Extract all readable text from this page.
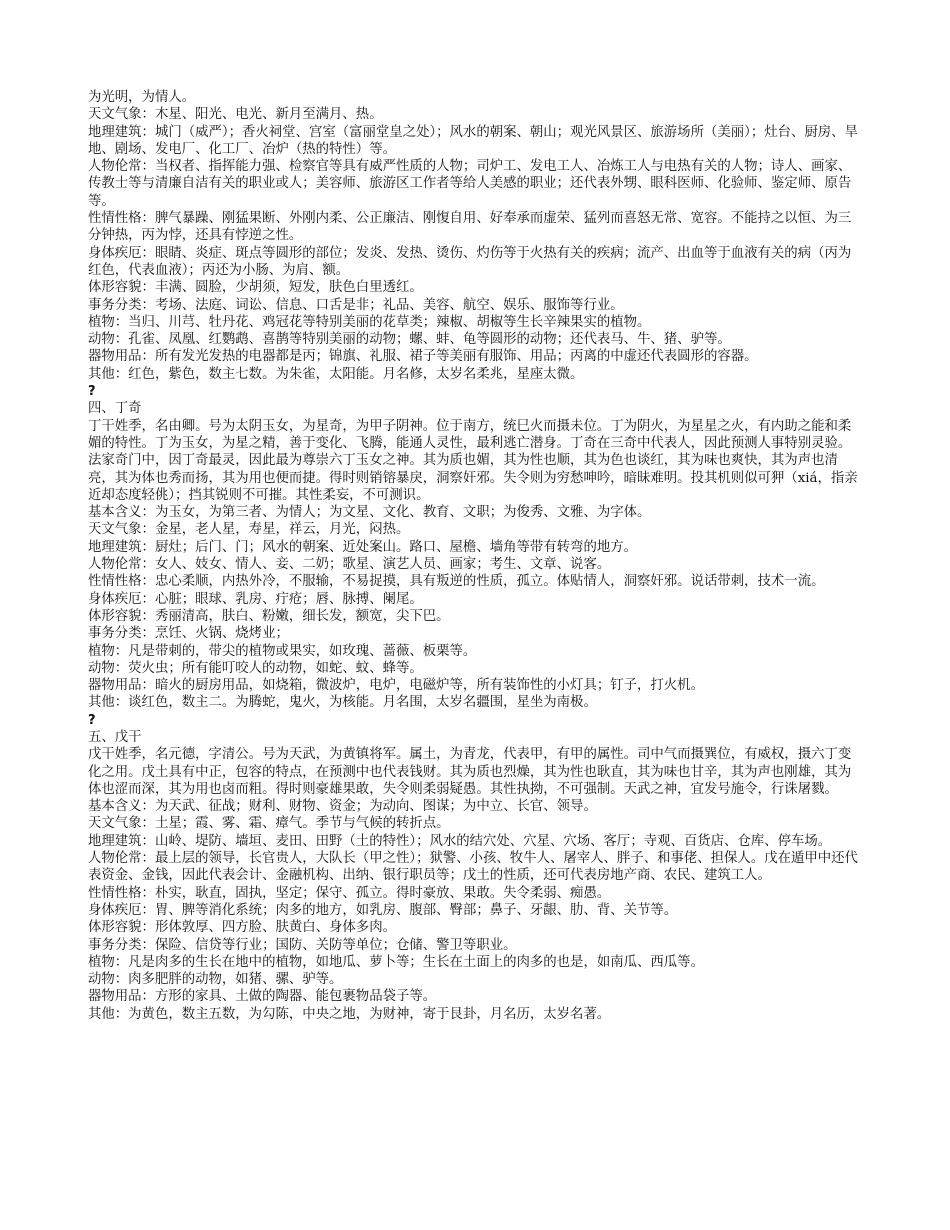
为光明，为情人。

天文气象：木星、阳光、电光、新月至满月、热。

地理建筑：城门（威严）；香火祠堂、宫室（富丽堂皇之处）；风水的朝案、朝山；观光风景区、旅游场所（美丽）；灶台、厨房、旱地、剧场、发电厂、化工厂、冶炉（热的特性）等。

人物伦常：当权者、指挥能力强、检察官等具有威严性质的人物；司炉工、发电工人、冶炼工人与电热有关的人物；诗人、画家、传教士等与清廉自洁有关的职业或人；美容师、旅游区工作者等给人美感的职业；还代表外甥、眼科医师、化验师、鉴定师、原告等。

性情性格：脾气暴躁、刚猛果断、外刚内柔、公正廉洁、刚愎自用、好奉承而虚荣、猛列而喜怒无常、宽容。不能持之以恒、为三分钟热，丙为悖，还具有悖逆之性。

身体疾厄：眼睛、炎症、斑点等圆形的部位；发炎、发热、烫伤、灼伤等于火热有关的疾病；流产、出血等于血液有关的病（丙为红色，代表血液）；丙还为小肠、为肩、额。

体形容貌：丰满、圆脸，少胡须，短发，肤色白里透红。

事务分类：考场、法庭、词讼、信息、口舌是非；礼品、美容、航空、娱乐、服饰等行业。

植物：当归、川芎、牡丹花、鸡冠花等特别美丽的花草类；辣椒、胡椒等生长辛辣果实的植物。

动物：孔雀、凤凰、红鹦鹉、喜鹊等特别美丽的动物；螺、蚌、龟等圆形的动物；还代表马、牛、猪、驴等。

器物用品：所有发光发热的电器都是丙；锦旗、礼服、裙子等美丽有服饰、用品；丙离的中虚还代表圆形的容器。

其他：红色，紫色，数主七数。为朱雀，太阳能。月名修，太岁名柔兆，星座太微。

?

四、丁奇

丁干姓季，名由卿。号为太阴玉女，为星奇，为甲子阴神。位于南方，统巳火而摄未位。丁为阴火，为星星之火，有内助之能和柔媚的特性。丁为玉女，为星之精，善于变化、飞腾，能通人灵性，最利逃亡潜身。丁奇在三奇中代表人，因此预测人事特别灵验。法家奇门中，因丁奇最灵，因此最为尊崇六丁玉女之神。其为质也媚，其为性也顺，其为色也谈红，其为味也爽快，其为声也清亮，其为体也秀而扬，其为用也便而捷。得时则销镕暴戾，洞察奸邪。失令则为穷愁呻吟，暗昧难明。投其机则似可狎（xiá，指亲近却态度轻佻）；挡其锐则不可摧。其性柔妄，不可测识。

基本含义：为玉女，为第三者、为情人；为文星、文化、教育、文职；为俊秀、文雅、为字体。

天文气象：金星，老人星，寿星，祥云，月光，闷热。

地理建筑：厨灶；后门、门；风水的朝案、近处案山。路口、屋檐、墙角等带有转弯的地方。

人物伦常：女人、妓女、情人、妾、二奶；歌星、演艺人员、画家；考生、文章、说客。

性情性格：忠心柔顺，内热外冷，不服输，不易捉摸，具有叛逆的性质，孤立。体贴情人，洞察奸邪。说话带刺，技术一流。

身体疾厄：心脏；眼球、乳房、疔疮；唇、脉搏、阑尾。

体形容貌：秀丽清高，肤白、粉嫩，细长发，额宽，尖下巴。

事务分类：烹饪、火锅、烧烤业；

植物：凡是带刺的，带尖的植物或果实，如玫瑰、蔷薇、板栗等。

动物：荧火虫；所有能叮咬人的动物，如蛇、蚊、蜂等。

器物用品：暗火的厨房用品，如烧箱，微波炉，电炉，电磁炉等，所有装饰性的小灯具；钉子，打火机。

其他：谈红色，数主二。为腾蛇，鬼火，为核能。月名围，太岁名疆围，星坐为南极。

?

五、戊干

戊干姓季，名元德，字清公。号为天武，为黄镇将军。属土，为青龙，代表甲，有甲的属性。司中气而摄巽位，有威权，摄六丁变化之用。戊土具有中正，包容的特点，在预测中也代表钱财。其为质也烈燥，其为性也耿直，其为味也甘辛，其为声也刚雄，其为体也涩而深，其为用也卤而粗。得时则豪雄果敢，失令则柔弱疑愚。其性执拗，不可强制。天武之神，宜发号施令，行诛屠戮。

基本含义：为天武、征战；财利、财物、资金；为动向、图谋；为中立、长官、领导。

天文气象：土星；霞、雾、霜、瘴气。季节与气候的转折点。

地理建筑：山岭、堤防、墙垣、麦田、田野（土的特性）；风水的结穴处、穴星、穴场、客厅；寺观、百货店、仓库、停车场。

人物伦常：最上层的领导，长官贵人，大队长（甲之性）；狱警、小孩、牧牛人、屠宰人、胖子、和事佬、担保人。戊在遁甲中还代表资金、金钱，因此代表会计、金融机构、出纳、银行职员等；戊土的性质，还可代表房地产商、农民、建筑工人。

性情性格：朴实，耿直，固执，坚定；保守、孤立。得时豪放、果敢。失令柔弱、痴愚。

身体疾厄：胃、脾等消化系统；肉多的地方，如乳房、腹部、臀部；鼻子、牙龈、肋、背、关节等。

体形容貌：形体敦厚、四方脸、肤黄白、身体多肉。

事务分类：保险、信贷等行业；国防、关防等单位；仓储、警卫等职业。

植物：凡是肉多的生长在地中的植物，如地瓜、萝卜等；生长在土面上的肉多的也是，如南瓜、西瓜等。

动物：肉多肥胖的动物，如猪、骡、驴等。

器物用品：方形的家具、土做的陶器、能包裹物品袋子等。

其他：为黄色，数主五数，为勾陈，中央之地，为财神，寄于艮卦，月名历，太岁名著。
